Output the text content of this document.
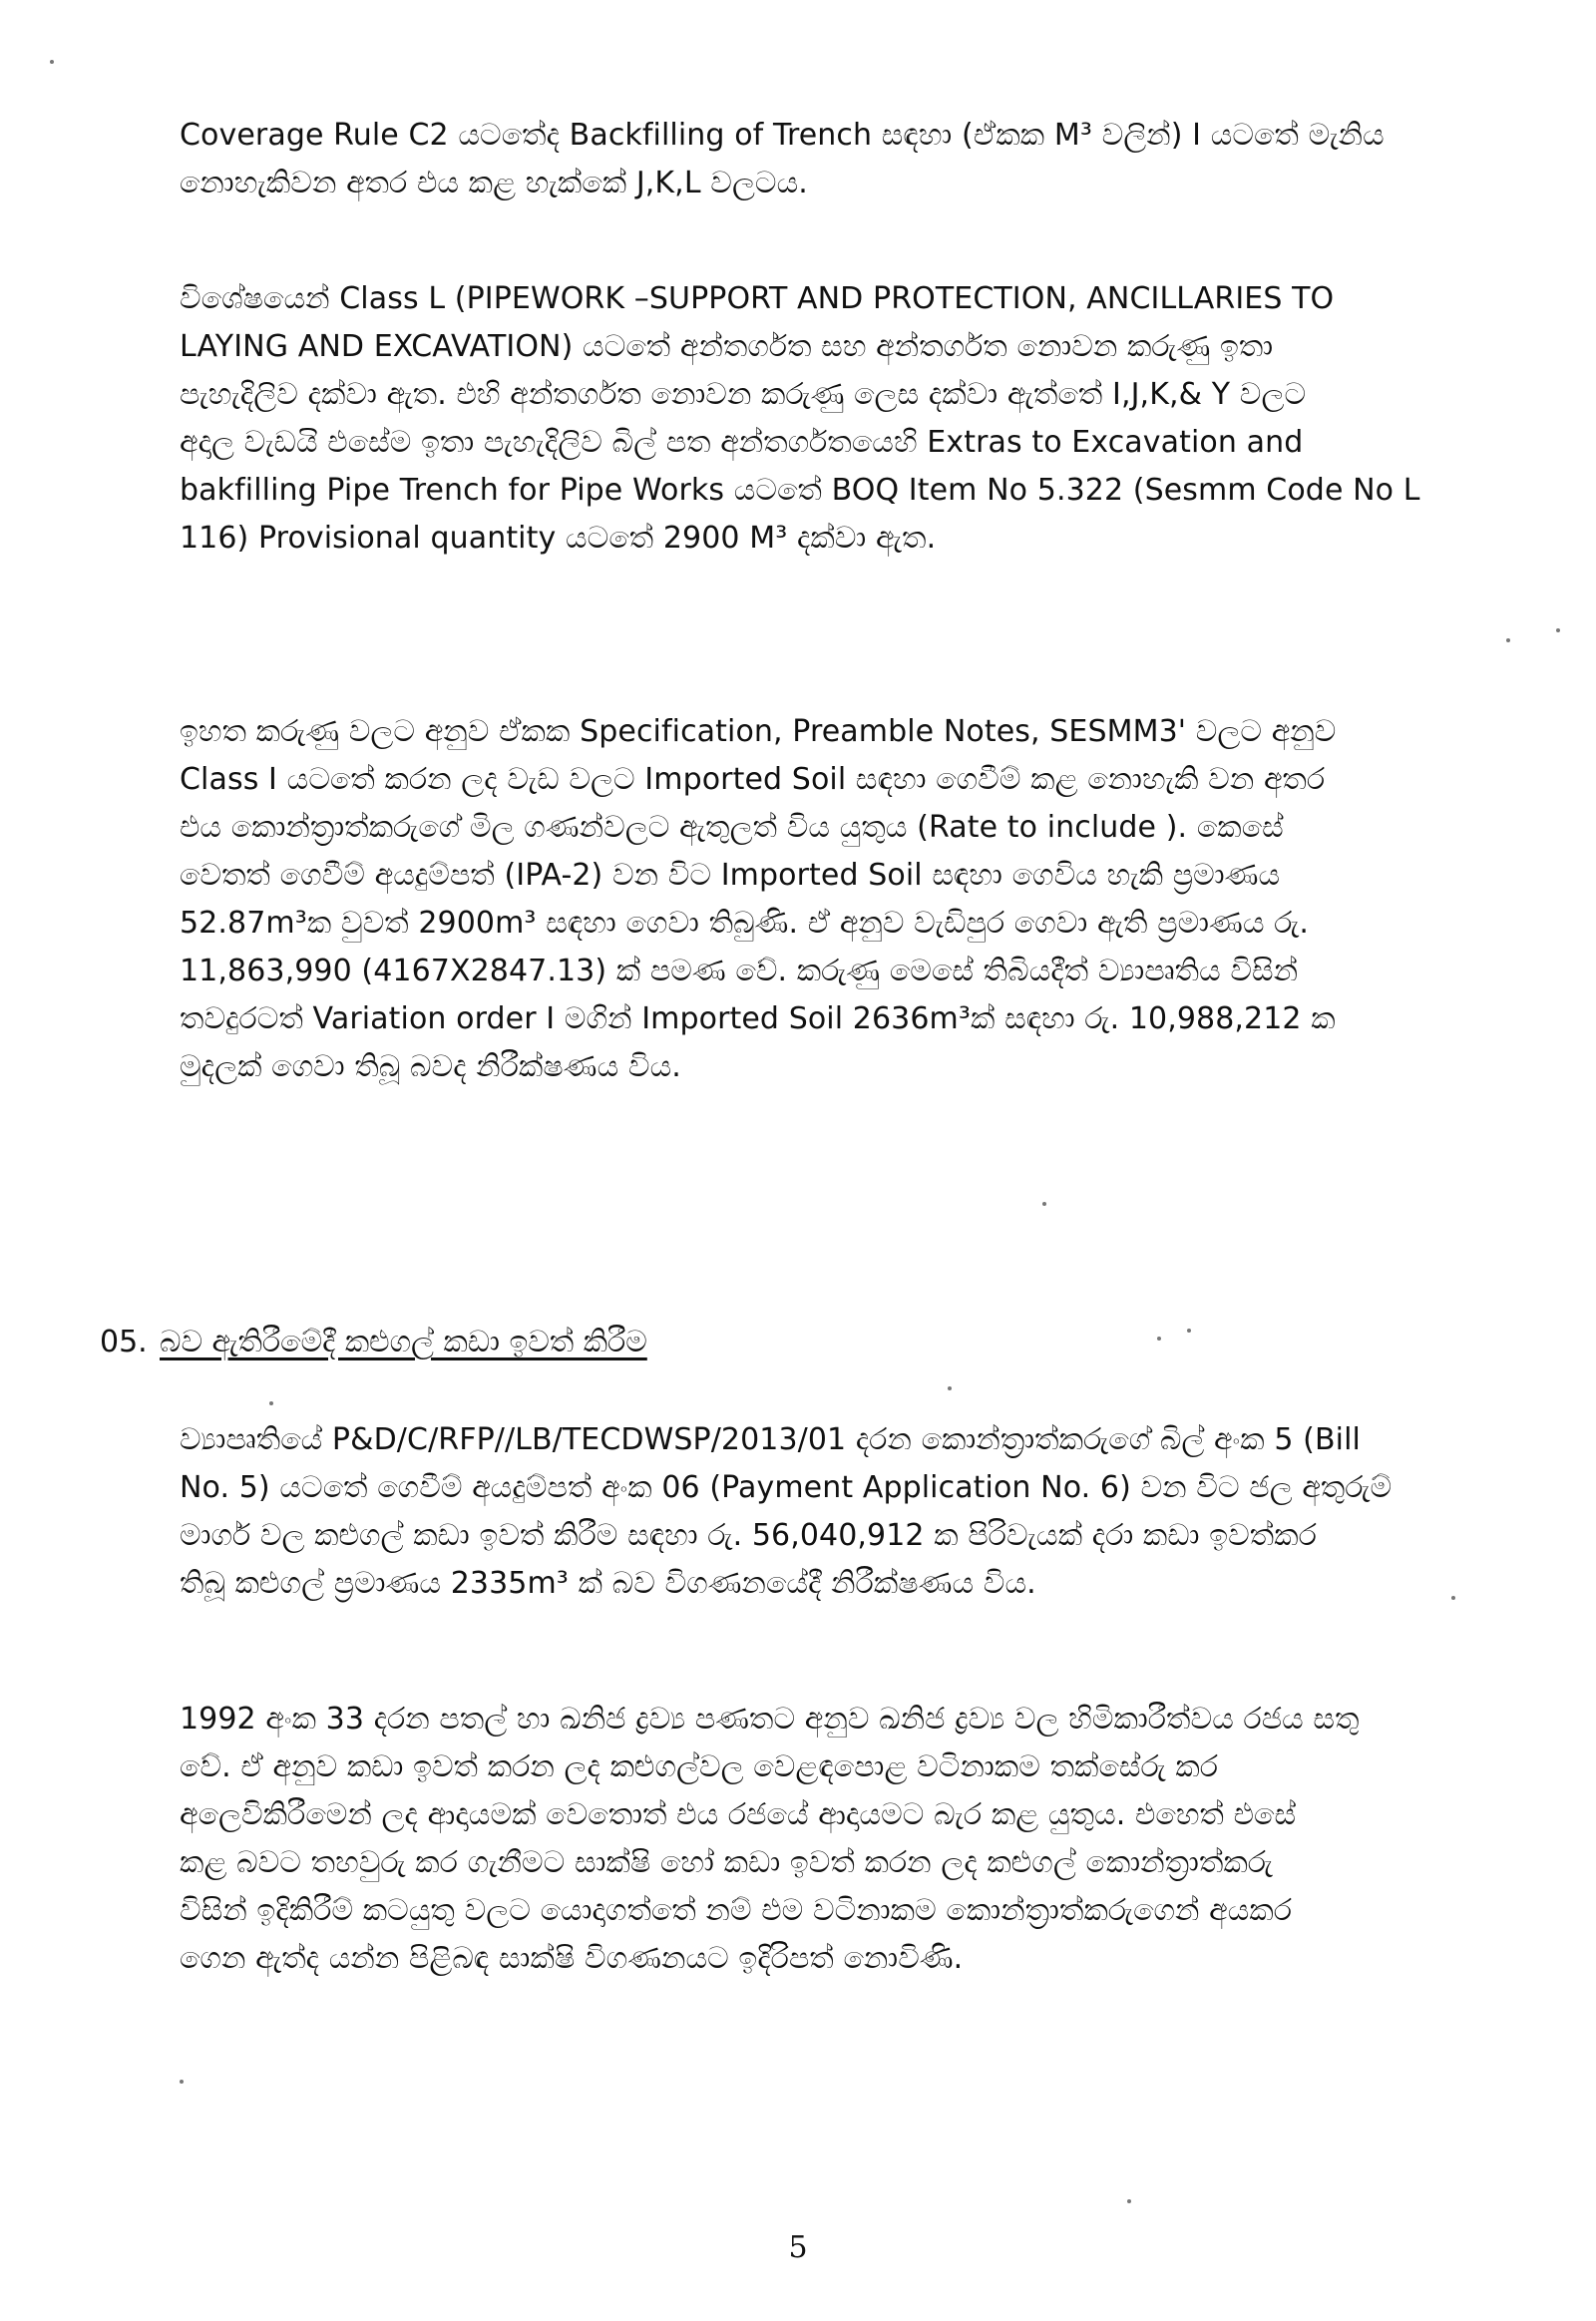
Coverage Rule C2 යටතේද Backfilling of Trench සඳහා (ඒකක M³ වලින්) I යටතේ මැනිය
නොහැකිවන අතර එය කළ හැක්කේ J,K,L වලටය.
විශේෂයෙන් Class L (PIPEWORK –SUPPORT AND PROTECTION, ANCILLARIES TO
LAYING AND EXCAVATION) යටතේ අන්තර්ගත සහ අන්තර්ගත නොවන කරුණු ඉතා
පැහැදිලිව දක්වා ඇත. එහි අන්තර්ගත නොවන කරුණු ලෙස දක්වා ඇත්තේ I,J,K,& Y වලට
අදාල වැඩයි එසේම ඉතා පැහැදිලිව බිල් පත අන්තර්ගතයෙහි Extras to Excavation and
bakfilling Pipe Trench for Pipe Works යටතේ BOQ Item No 5.322 (Sesmm Code No L
116) Provisional quantity යටතේ 2900 M³ දක්වා ඇත.
ඉහත කරුණු වලට අනුව ඒකක Specification, Preamble Notes, SESMM3' වලට අනුව
Class I යටතේ කරන ලද වැඩ වලට Imported Soil සඳහා ගෙවීම් කළ නොහැකි වන අතර
එය කොන්ත්‍රාත්කරුගේ මිල ගණන්වලට ඇතුලත් විය යුතුය (Rate to include ). කෙසේ
වෙතත් ගෙවීම් අයදුම්පත් (IPA-2) වන විට Imported Soil සඳහා ගෙවිය හැකි ප්‍රමාණය
52.87m³ක වුවත් 2900m³ සඳහා ගෙවා තිබුණි. ඒ අනුව වැඩිපුර ගෙවා ඇති ප්‍රමාණය රු.
11,863,990 (4167X2847.13) ක් පමණ වේ. කරුණු මෙසේ තිබියදීත් ව්‍යාපෘතිය විසින්
තවදුරටත් Variation order I මගින් Imported Soil 2636m³ක් සඳහා රු. 10,988,212 ක
මුදලක් ගෙවා තිබූ බවද නිරීක්ෂණය විය.
05. බව ඇතිරීමේදී කළුගල් කඩා ඉවත් කිරීම
ව්‍යාපෘතියේ P&D/C/RFP//LB/TECDWSP/2013/01 දරන කොන්ත්‍රාත්කරුගේ බිල් අංක 5 (Bill
No. 5) යටතේ ගෙවීම් අයදුම්පත් අංක 06 (Payment Application No. 6) වන විට ජල අතුරුම්
මාර්ග වල කළුගල් කඩා ඉවත් කිරීම සඳහා රු. 56,040,912 ක පිරිවැයක් දරා කඩා ඉවත්කර
තිබූ කළුගල් ප්‍රමාණය 2335m³ ක් බව විගණනයේදී නිරීක්ෂණය විය.
1992 අංක 33 දරන පතල් හා ඛනිජ ද්‍රව්‍ය පණතට අනුව ඛනිජ ද්‍රව්‍ය වල හිමිකාරීත්වය රජය සතු
වේ. ඒ අනුව කඩා ඉවත් කරන ලද කළුගල්වල වෙළඳපොළ වටිනාකම තක්සේරු කර
අලෙවිකිරීමෙන් ලද ආදායමක් වෙතොත් එය රජයේ ආදායමට බැර කළ යුතුය. එහෙත් එසේ
කළ බවට තහවුරු කර ගැනීමට සාක්ෂි හෝ කඩා ඉවත් කරන ලද කළුගල් කොන්ත්‍රාත්කරු
විසින් ඉදිකිරීම් කටයුතු වලට යොදාගත්තේ නම් එම වටිනාකම කොන්ත්‍රාත්කරුගෙන් අයකර
ගෙන ඇත්ද යන්න පිළිබඳ සාක්ෂි විගණනයට ඉදිරිපත් නොවිණි.
5
